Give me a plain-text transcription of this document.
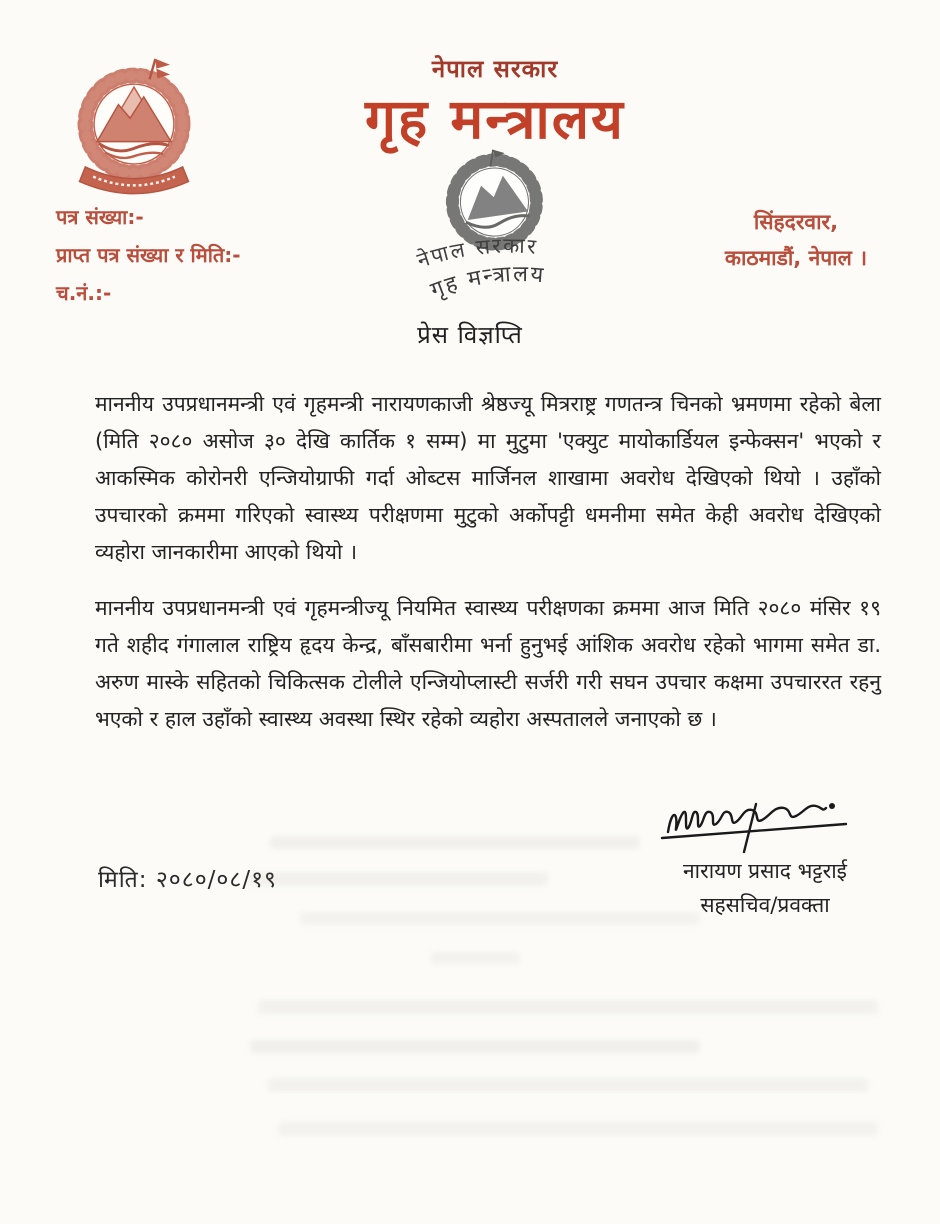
नेपाल सरकार
गृह मन्त्रालय
नेपाल सरकार
गृह मन्त्रालय
पत्र संख्या:-
प्राप्त पत्र संख्या र मिति:-
च.नं.:-
सिंहदरवार,
काठमाडौं, नेपाल ।
प्रेस विज्ञप्ति

माननीय उपप्रधानमन्त्री एवं गृहमन्त्री नारायणकाजी श्रेष्ठज्यू मित्रराष्ट्र गणतन्त्र चिनको भ्रमणमा रहेको बेला (मिति २०८० असोज ३० देखि कार्तिक १ सम्म) मा मुटुमा 'एक्युट मायोकार्डियल इन्फेक्सन' भएको र आकस्मिक कोरोनरी एन्जियोग्राफी गर्दा ओब्टस मार्जिनल शाखामा अवरोध देखिएको थियो । उहाँको उपचारको क्रममा गरिएको स्वास्थ्य परीक्षणमा मुटुको अर्कोपट्टी धमनीमा समेत केही अवरोध देखिएको व्यहोरा जानकारीमा आएको थियो ।

माननीय उपप्रधानमन्त्री एवं गृहमन्त्रीज्यू नियमित स्वास्थ्य परीक्षणका क्रममा आज मिति २०८० मंसिर १९ गते शहीद गंगालाल राष्ट्रिय हृदय केन्द्र, बाँसबारीमा भर्ना हुनुभई आंशिक अवरोध रहेको भागमा समेत डा. अरुण मास्के सहितको चिकित्सक टोलीले एन्जियोप्लास्टी सर्जरी गरी सघन उपचार कक्षमा उपचाररत रहनु भएको र हाल उहाँको स्वास्थ्य अवस्था स्थिर रहेको व्यहोरा अस्पतालले जनाएको छ ।

मिति: २०८०/०८/१९	नारायण प्रसाद भट्टराई
सहसचिव/प्रवक्ता
